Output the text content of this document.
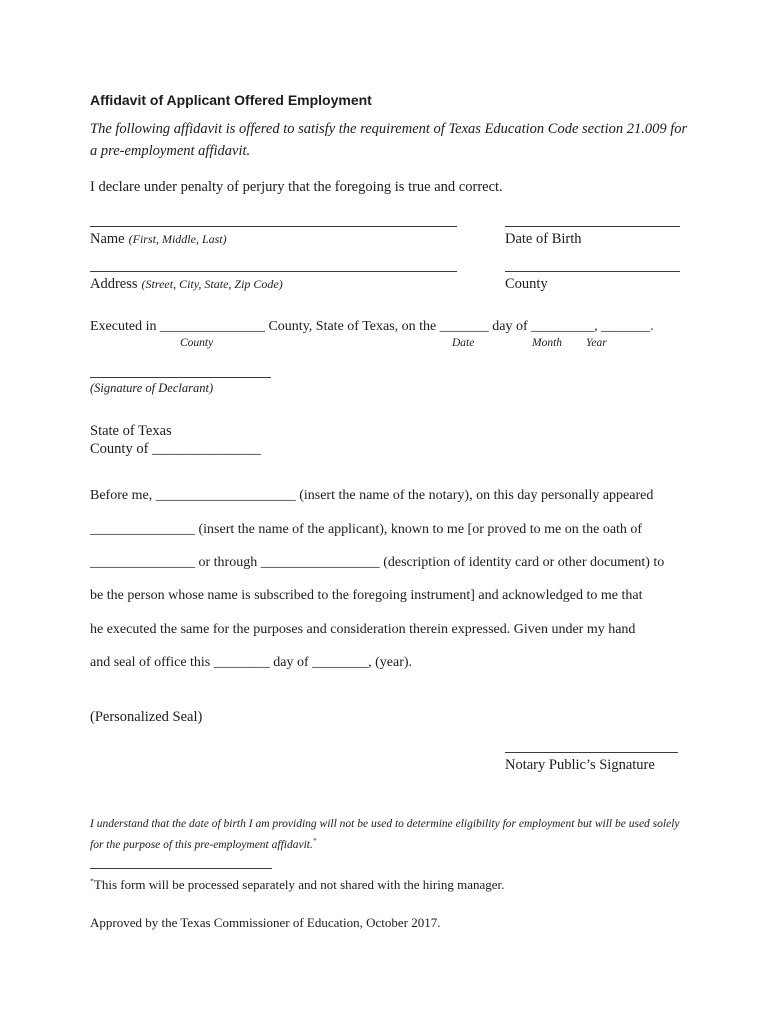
Affidavit of Applicant Offered Employment
The following affidavit is offered to satisfy the requirement of Texas Education Code section 21.009 for
a pre-employment affidavit.
I declare under penalty of perjury that the foregoing is true and correct.
Name (First, Middle, Last)	Date of Birth
Address (Street, City, State, Zip Code)	County
Executed in _______________ County, State of Texas, on the _______ day of _________, _______.
County	Date	Month Year
(Signature of Declarant)
State of Texas
County of _______________
Before me, ____________________ (insert the name of the notary), on this day personally appeared
_______________ (insert the name of the applicant), known to me [or proved to me on the oath of
_______________ or through _________________ (description of identity card or other document) to
be the person whose name is subscribed to the foregoing instrument] and acknowledged to me that
he executed the same for the purposes and consideration therein expressed. Given under my hand
and seal of office this ________ day of ________, (year).
(Personalized Seal)
Notary Public’s Signature
I understand that the date of birth I am providing will not be used to determine eligibility for employment but will be used solely
for the purpose of this pre-employment affidavit.*
*This form will be processed separately and not shared with the hiring manager.
Approved by the Texas Commissioner of Education, October 2017.
